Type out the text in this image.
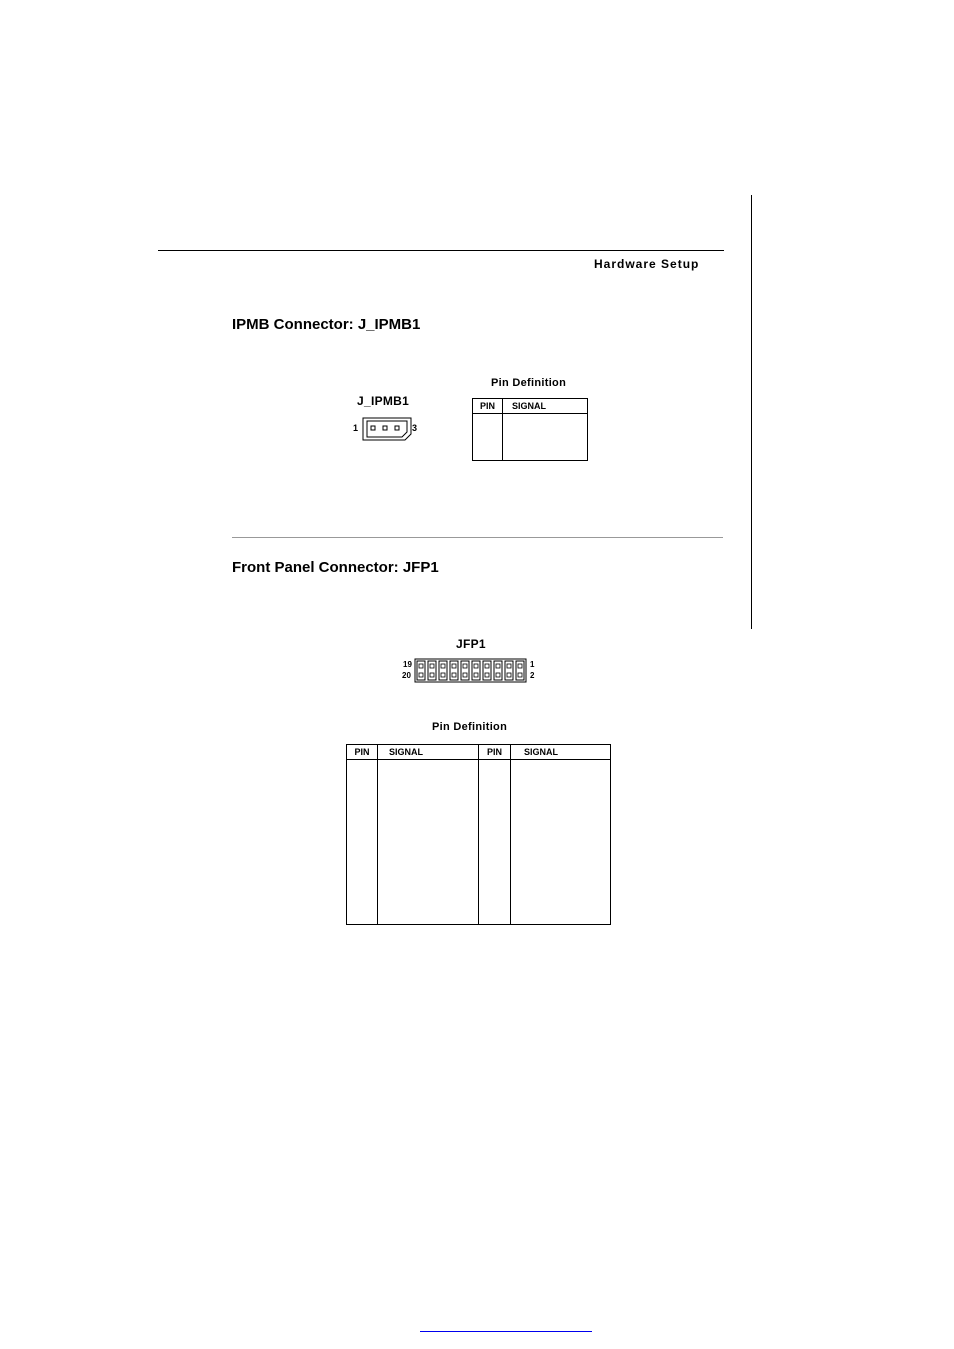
Hardware Setup
IPMB Connector: J_IPMB1
J_IPMB1
1	3
Pin Definition
PIN	SIGNAL

Front Panel Connector: JFP1
JFP1
19
20
1
2
Pin Definition
PIN	SIGNAL	PIN	SIGNAL
